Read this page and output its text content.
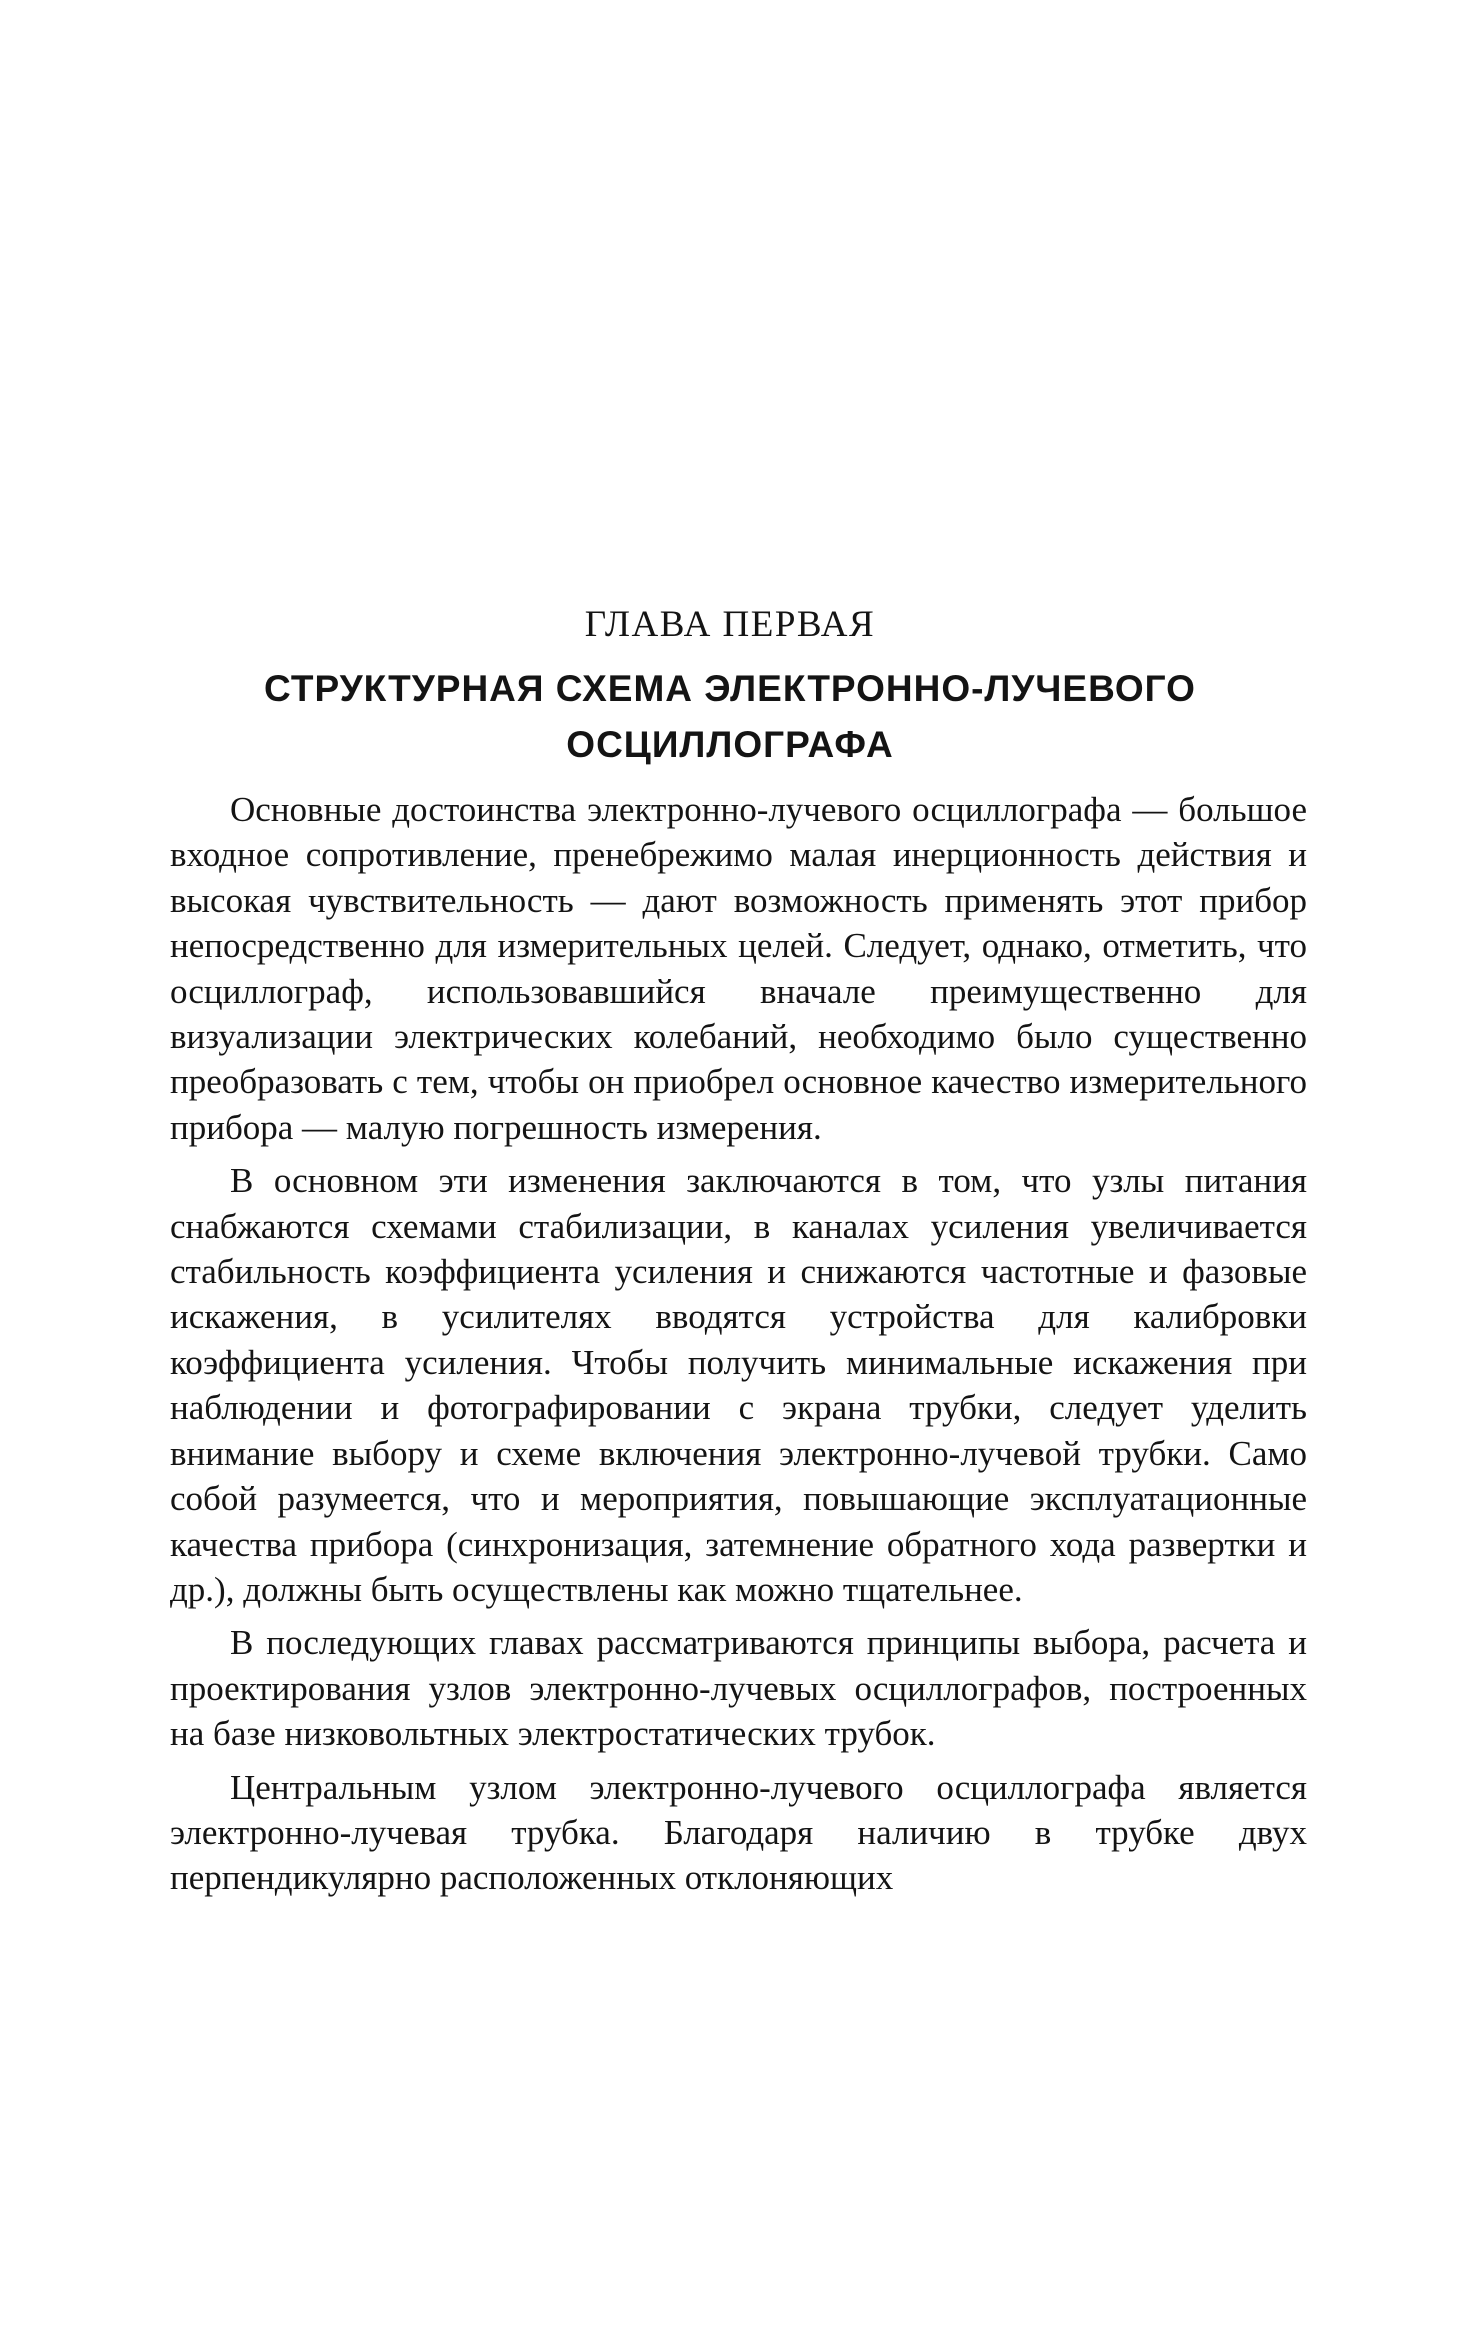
ГЛАВА ПЕРВАЯ
СТРУКТУРНАЯ СХЕМА ЭЛЕКТРОННО-ЛУЧЕВОГО ОСЦИЛЛОГРАФА

Основные достоинства электронно-лучевого осциллографа — большое входное сопротивление, пренебрежимо малая инерционность действия и высокая чувствительность — дают возможность применять этот прибор непосредственно для измерительных целей. Следует, однако, отметить, что осциллограф, использовавшийся вначале преимущественно для визуализации электрических колебаний, необходимо было существенно преобразовать с тем, чтобы он приобрел основное качество измерительного прибора — малую погрешность измерения.

В основном эти изменения заключаются в том, что узлы питания снабжаются схемами стабилизации, в каналах усиления увеличивается стабильность коэффициента усиления и снижаются частотные и фазовые искажения, в усилителях вводятся устройства для калибровки коэффициента усиления. Чтобы получить минимальные искажения при наблюдении и фотографировании с экрана трубки, следует уделить внимание выбору и схеме включения электронно-лучевой трубки. Само собой разумеется, что и мероприятия, повышающие эксплуатационные качества прибора (синхронизация, затемнение обратного хода развертки и др.), должны быть осуществлены как можно тщательнее.

В последующих главах рассматриваются принципы выбора, расчета и проектирования узлов электронно-лучевых осциллографов, построенных на базе низковольтных электростатических трубок.

Центральным узлом электронно-лучевого осциллографа является электронно-лучевая трубка. Благодаря наличию в трубке двух перпендикулярно расположенных отклоняющих
